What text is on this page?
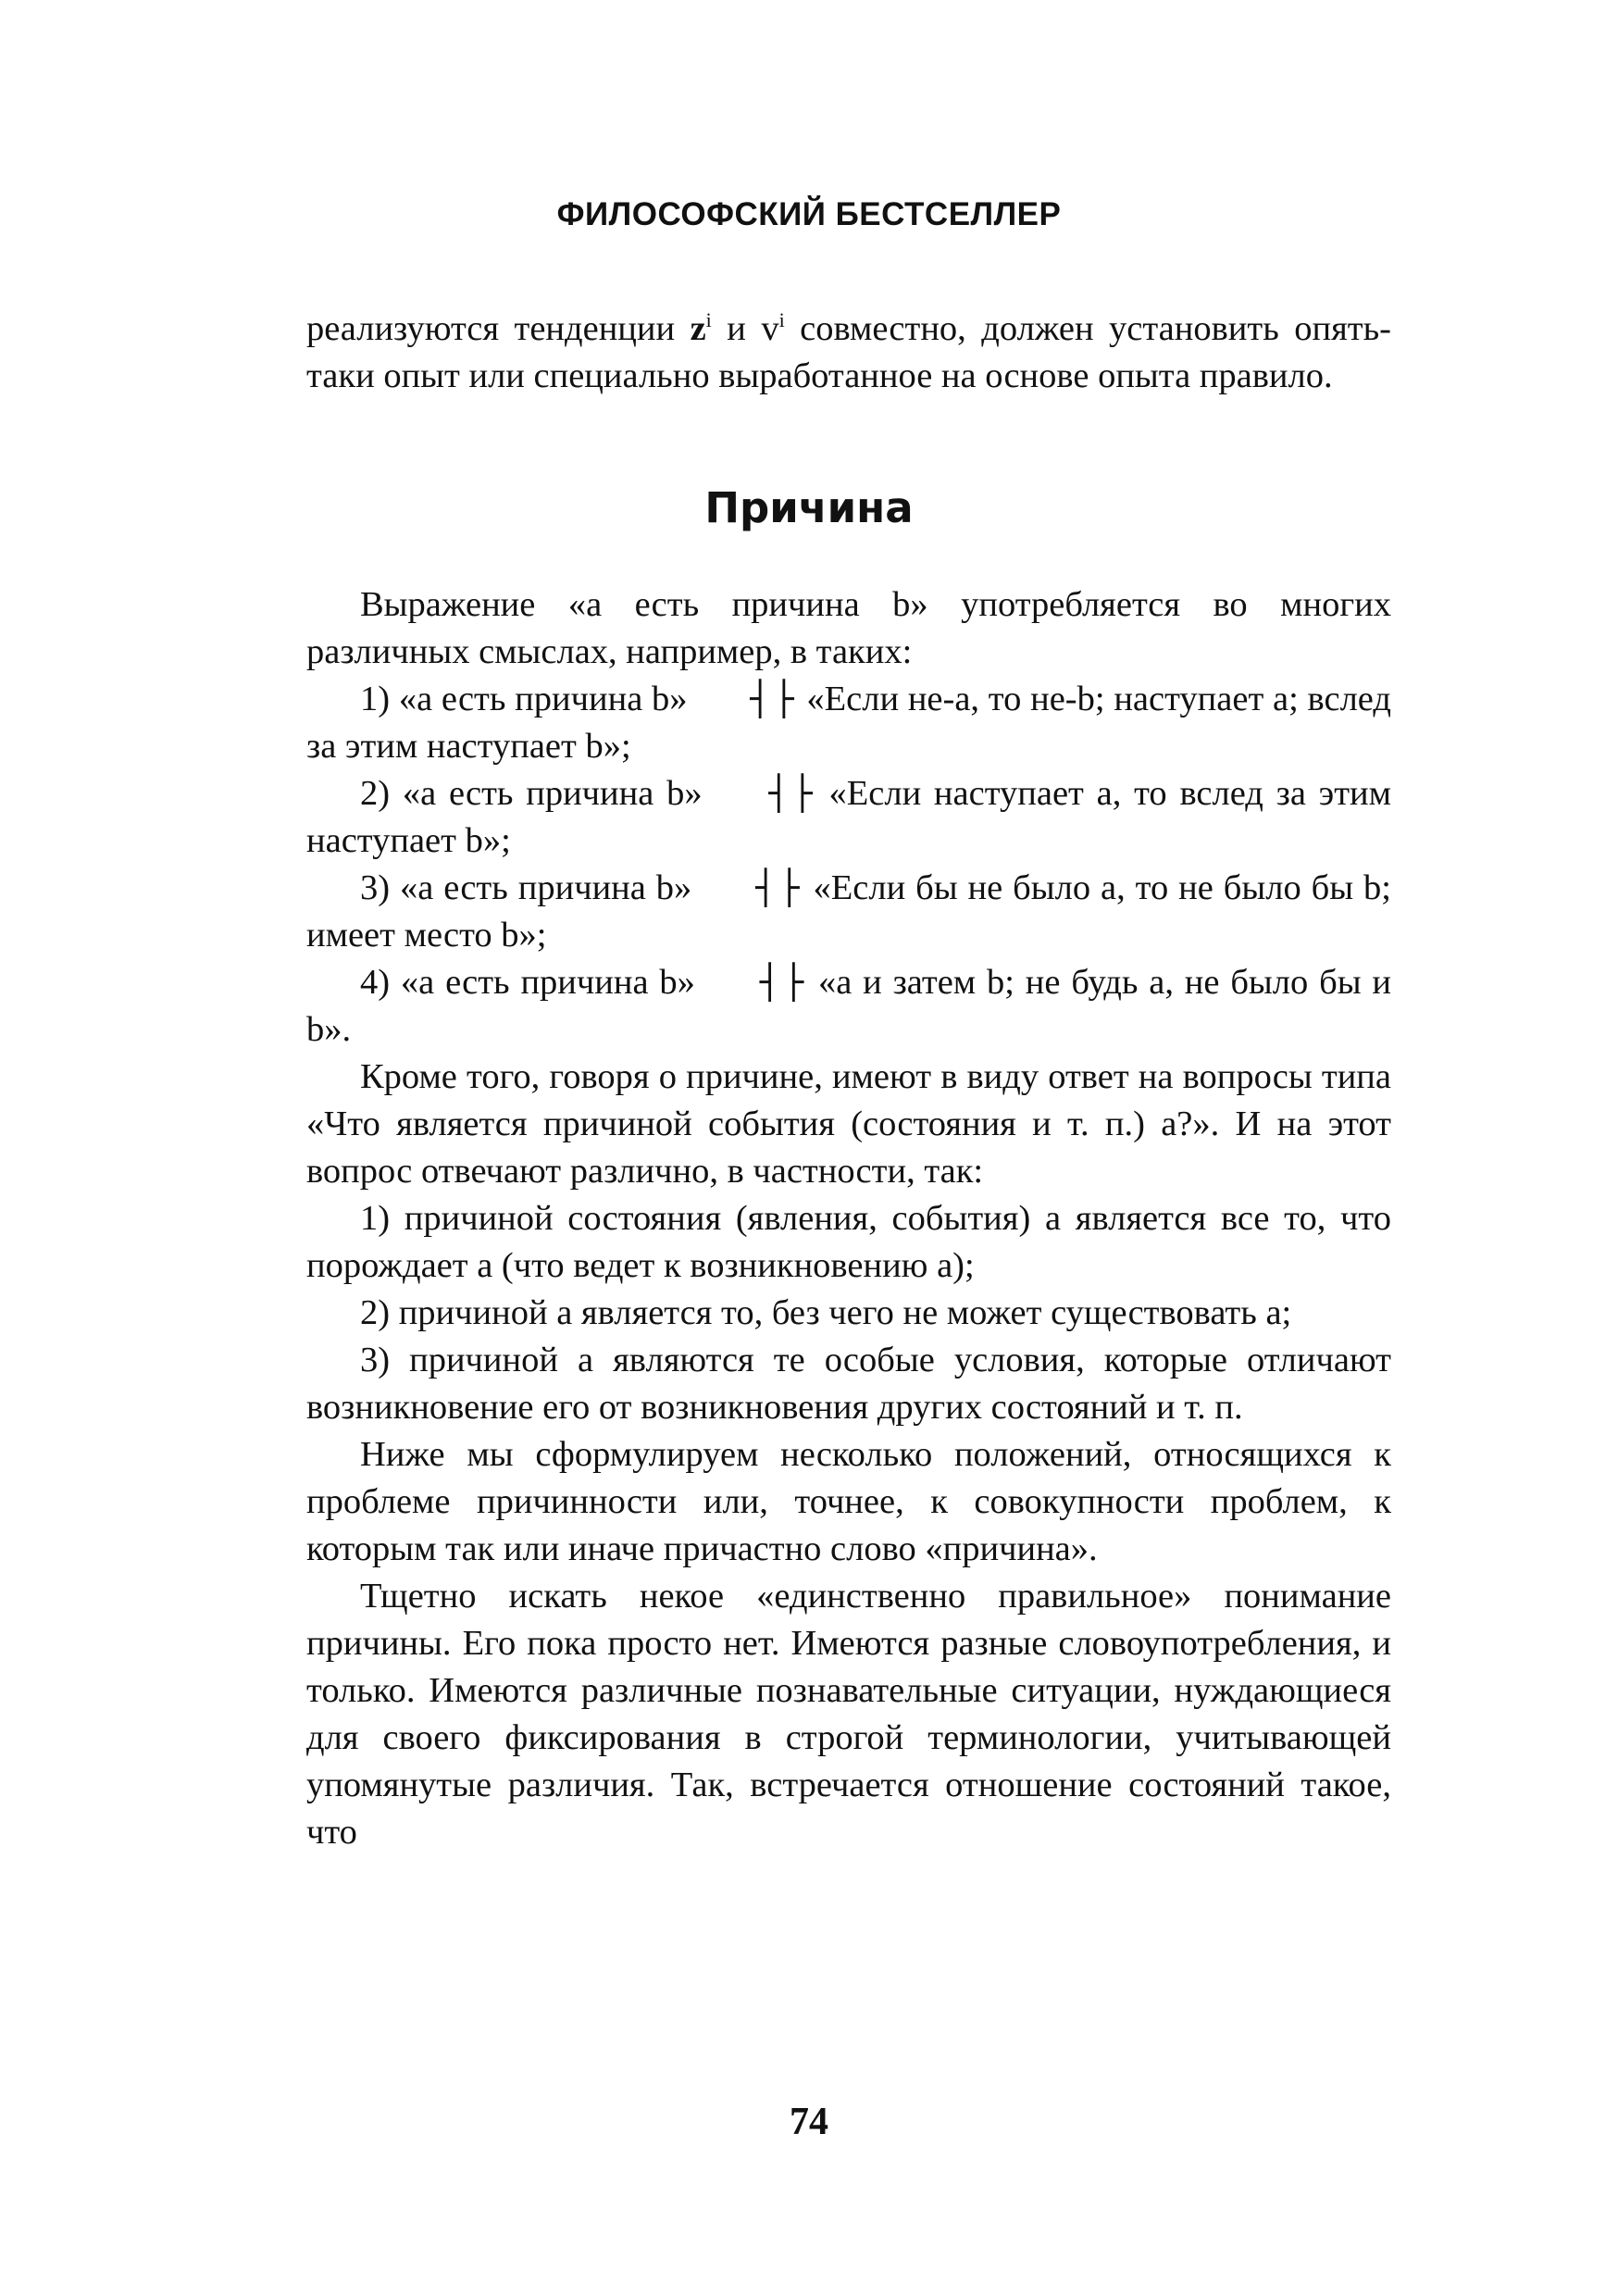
ФИЛОСОФСКИЙ БЕСТСЕЛЛЕР

реализуются тенденции $z^i$ и $v^i$ совместно, должен установить опять-таки опыт или специально выработанное на основе опыта правило.

Причина

Выражение «а есть причина b» употребляется во многих различных смыслах, например, в таких:

1) «а есть причина b» ┤├ «Если не-а, то не-b; наступает а; вслед за этим наступает b»;

2) «а есть причина b» ┤├ «Если наступает а, то вслед за этим наступает b»;

3) «а есть причина b» ┤├ «Если бы не было а, то не было бы b; имеет место b»;

4) «а есть причина b» ┤├ «а и затем b; не будь а, не было бы и b».

Кроме того, говоря о причине, имеют в виду ответ на вопросы типа «Что является причиной события (состояния и т. п.) а?». И на этот вопрос отвечают различно, в частности, так:

1) причиной состояния (явления, события) а является все то, что порождает а (что ведет к возникновению а);

2) причиной а является то, без чего не может существовать а;

3) причиной а являются те особые условия, которые отличают возникновение его от возникновения других состояний и т. п.

Ниже мы сформулируем несколько положений, относящихся к проблеме причинности или, точнее, к совокупности проблем, к которым так или иначе причастно слово «причина».

Тщетно искать некое «единственно правильное» понимание причины. Его пока просто нет. Имеются разные словоупотребления, и только. Имеются различные познавательные ситуации, нуждающиеся для своего фиксирования в строгой терминологии, учитывающей упомянутые различия. Так, встречается отношение состояний такое, что

74
